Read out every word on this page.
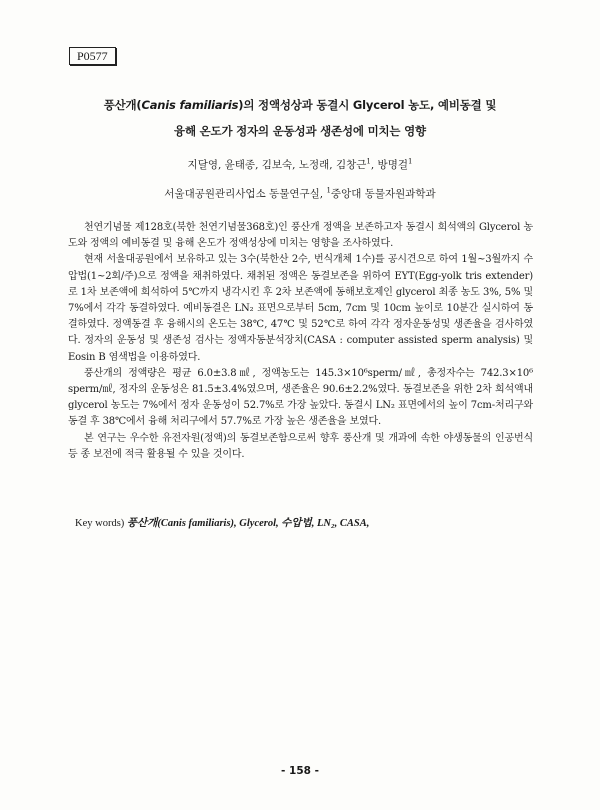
P0577
풍산개(Canis familiaris)의 정액성상과 동결시 Glycerol 농도, 예비동결 및
융해 온도가 정자의 운동성과 생존성에 미치는 영향
지달영, 윤태종, 김보숙, 노정래, 김창근$^1$, 방명걸$^1$
서울대공원관리사업소 동물연구실, $^1$중앙대 동물자원과학과

천연기념물 제128호(북한 천연기념물368호)인 풍산개 정액을 보존하고자 동결시 희석액의 Glycerol 농도와 정액의 예비동결 및 융해 온도가 정액성상에 미치는 영향을 조사하였다.

현재 서울대공원에서 보유하고 있는 3수(북한산 2수, 번식개체 1수)를 공시견으로 하여 1월~3월까지 수압법(1~2회/주)으로 정액을 채취하였다. 채취된 정액은 동결보존을 위하여 EYT(Egg-yolk tris extender)로 1차 보존액에 희석하여 5℃까지 냉각시킨 후 2차 보존액에 동해보호제인 glycerol 최종 농도 3%, 5% 및 7%에서 각각 동결하였다. 예비동결은 LN₂ 표면으로부터 5cm, 7cm 및 10cm 높이로 10분간 실시하여 동결하였다. 정액동결 후 융해시의 온도는 38℃, 47℃ 및 52℃로 하여 각각 정자운동성및 생존율을 검사하였다. 정자의 운동성 및 생존성 검사는 정액자동분석장치(CASA : computer assisted sperm analysis) 및 Eosin B 염색법을 이용하였다.

풍산개의 정액량은 평균 6.0±3.8㎖, 정액농도는 145.3×10⁶sperm/㎖, 총정자수는 742.3×10⁶ sperm/㎖, 정자의 운동성은 81.5±3.4%였으며, 생존율은 90.6±2.2%였다. 동결보존을 위한 2차 희석액내 glycerol 농도는 7%에서 정자 운동성이 52.7%로 가장 높았다. 동결시 LN₂ 표면에서의 높이 7cm-처리구와 동결 후 38℃에서 융해 처리구에서 57.7%로 가장 높은 생존율을 보였다.

본 연구는 우수한 유전자원(정액)의 동결보존함으로써 향후 풍산개 및 개과에 속한 야생동물의 인공번식 등 종 보전에 적극 활용될 수 있을 것이다.

Key words) 풍산개(Canis familiaris), Glycerol, 수압법, LN₂, CASA,
- 158 -
